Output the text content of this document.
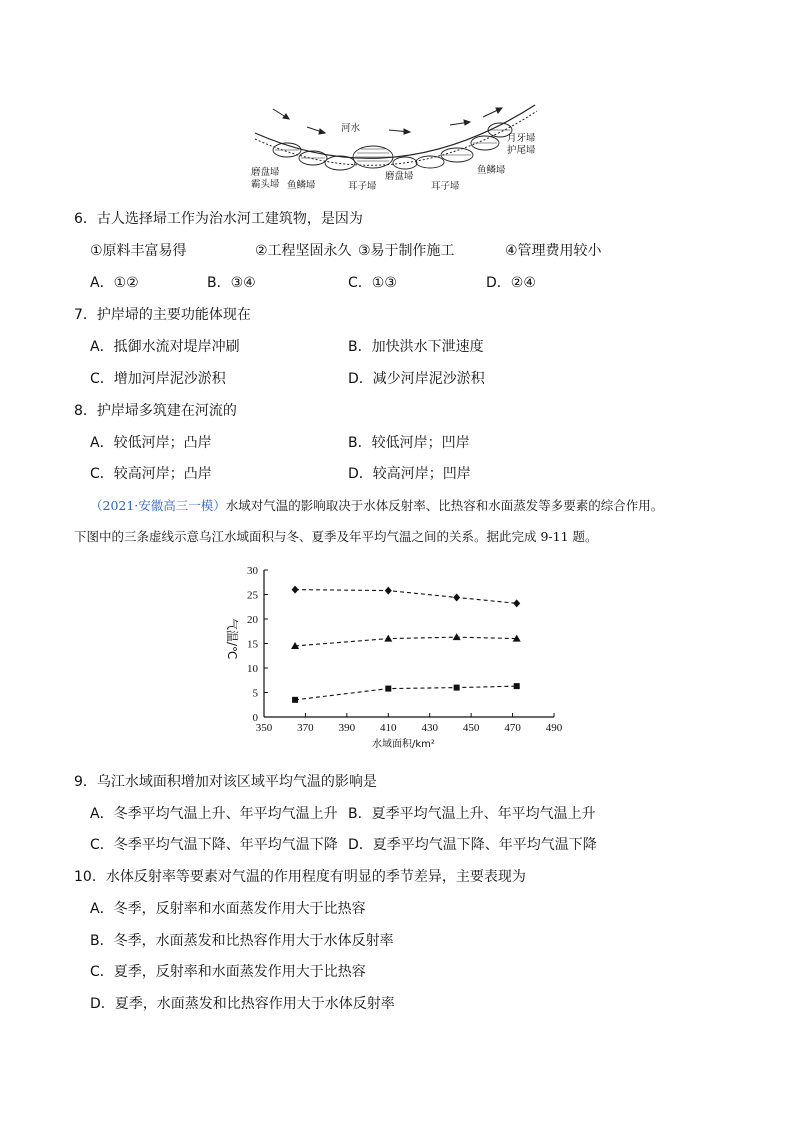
河水
月牙埽
护尾埽
磨盘埽
霸头埽 鱼鳞埽	耳子埽
磨盘埽
耳子埽
鱼鳞埽
6．古人选择埽工作为治水河工建筑物，是因为
①原料丰富易得	②工程坚固永久 ③易于制作施工	④管理费用较小
A．①②	B．③④	C．①③	D．②④
7．护岸埽的主要功能体现在
A．抵御水流对堤岸冲刷	B．加快洪水下泄速度
C．增加河岸泥沙淤积	D．减少河岸泥沙淤积
8．护岸埽多筑建在河流的
A．较低河岸；凸岸	B．较低河岸；凹岸
C．较高河岸；凸岸	D．较高河岸；凹岸
（2021·安徽高三一模）水域对气温的影响取决于水体反射率、比热容和水面蒸发等多要素的综合作用。
下图中的三条虚线示意乌江水域面积与冬、夏季及年平均气温之间的关系。据此完成 9-11 题。
0
5
10
15
20
25
30
350 370 390 410 430 450 470 490
气温/℃
水域面积/km²
9．乌江水域面积增加对该区域平均气温的影响是
A．冬季平均气温上升、年平均气温上升 B．夏季平均气温上升、年平均气温上升
C．冬季平均气温下降、年平均气温下降 D．夏季平均气温下降、年平均气温下降
10．水体反射率等要素对气温的作用程度有明显的季节差异，主要表现为
A．冬季，反射率和水面蒸发作用大于比热容
B．冬季，水面蒸发和比热容作用大于水体反射率
C．夏季，反射率和水面蒸发作用大于比热容
D．夏季，水面蒸发和比热容作用大于水体反射率
